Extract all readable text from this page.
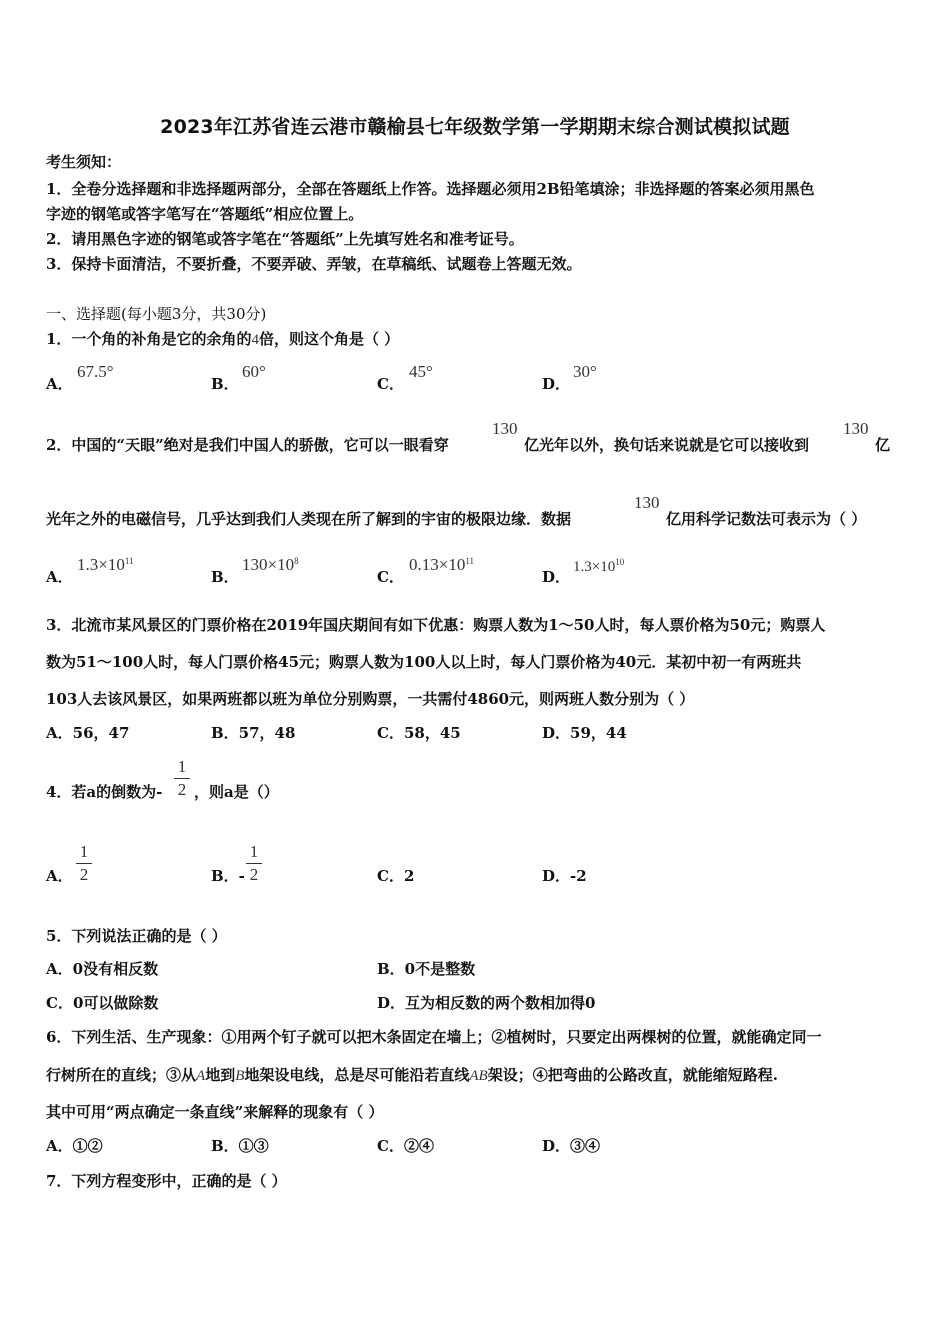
2023年江苏省连云港市赣榆县七年级数学第一学期期末综合测试模拟试题
考生须知：
1．全卷分选择题和非选择题两部分，全部在答题纸上作答。选择题必须用2B铅笔填涂；非选择题的答案必须用黑色
字迹的钢笔或答字笔写在“答题纸”相应位置上。
2．请用黑色字迹的钢笔或答字笔在“答题纸”上先填写姓名和准考证号。
3．保持卡面清洁，不要折叠，不要弄破、弄皱，在草稿纸、试题卷上答题无效。
一、选择题(每小题3分，共30分)
1．一个角的补角是它的余角的4倍，则这个角是（ ）
A．
67.5°
B．
60°
C．
45°
D．
30°
2．中国的“天眼”绝对是我们中国人的骄傲，它可以一眼看穿
130
亿光年以外，换句话来说就是它可以接收到
130
亿
光年之外的电磁信号，几乎达到我们人类现在所了解到的宇宙的极限边缘．数据
130
亿用科学记数法可表示为（ ）
A．
$1.3\times 10^{11}$
B．
$130\times 10^8$
C．
$0.13\times 10^{11}$
D．
$1.3\times 10^{10}$
3．北流市某风景区的门票价格在2019年国庆期间有如下优惠：购票人数为1～50人时，每人票价格为50元；购票人
数为51～100人时，每人门票价格45元；购票人数为100人以上时，每人门票价格为40元．某初中初一有两班共
103人去该风景区，如果两班都以班为单位分别购票，一共需付4860元，则两班人数分别为（ ）
A．56，47	B．57，48	C．58，45	D．59，44
4．若a的倒数为-
1
2 ，则a是（）
A．
1
2	B．-
1
2	C．2	D．-2
5．下列说法正确的是（ ）
A．0没有相反数	B．0不是整数
C．0可以做除数	D．互为相反数的两个数相加得0
6．下列生活、生产现象：①用两个钉子就可以把木条固定在墙上；②植树时，只要定出两棵树的位置，就能确定同一
行树所在的直线；③从A地到B地架设电线，总是尽可能沿若直线AB架设；④把弯曲的公路改直，就能缩短路程.
其中可用“两点确定一条直线”来解释的现象有（ ）
A．①②	B．①③	C．②④	D．③④
7．下列方程变形中，正确的是（ ）
